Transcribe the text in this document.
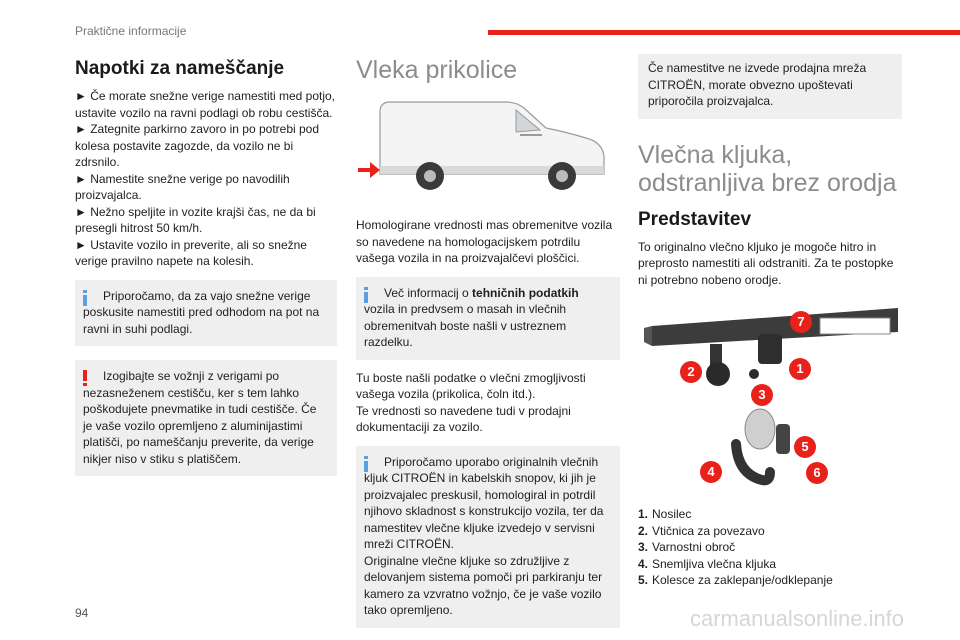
Praktične informacije
Napotki za nameščanje

► Če morate snežne verige namestiti med potjo, ustavite vozilo na ravni podlagi ob robu cestišča.

► Zategnite parkirno zavoro in po potrebi pod kolesa postavite zagozde, da vozilo ne bi zdrsnilo.

► Namestite snežne verige po navodilih proizvajalca.

► Nežno speljite in vozite krajši čas, ne da bi presegli hitrost 50 km/h.

► Ustavite vozilo in preverite, ali so snežne verige pravilno napete na kolesih.

Priporočamo, da za vajo snežne verige poskusite namestiti pred odhodom na pot na ravni in suhi podlagi.
Izogibajte se vožnji z verigami po nezasneženem cestišču, ker s tem lahko poškodujete pnevmatike in tudi cestišče. Če je vaše vozilo opremljeno z aluminijastimi platišči, po nameščanju preverite, da verige nikjer niso v stiku s platiščem.
Vleka prikolice

Homologirane vrednosti mas obremenitve vozila so navedene na homologacijskem potrdilu vašega vozila in na proizvajalčevi ploščici.

Več informacij o tehničnih podatkih vozila in predvsem o masah in vlečnih obremenitvah boste našli v ustreznem razdelku.

Tu boste našli podatke o vlečni zmogljivosti vašega vozila (prikolica, čoln itd.).

Te vrednosti so navedene tudi v prodajni dokumentaciji za vozilo.

Priporočamo uporabo originalnih vlečnih kljuk CITROËN in kabelskih snopov, ki jih je proizvajalec preskusil, homologiral in potrdil njihovo skladnost s konstrukcijo vozila, ter da namestitev vlečne kljuke izvedejo v servisni mreži CITROËN.
Originalne vlečne kljuke so združljive z delovanjem sistema pomoči pri parkiranju ter kamero za vzvratno vožnjo, če je vaše vozilo tako opremljeno.
Če namestitve ne izvede prodajna mreža CITROËN, morate obvezno upoštevati priporočila proizvajalca.
Vlečna kljuka, odstranljiva brez orodja
Predstavitev

To originalno vlečno kljuko je mogoče hitro in preprosto namestiti ali odstraniti. Za te postopke ni potrebno nobeno orodje.

7
1
2
3
4
5
6
1. Nosilec
2. Vtičnica za povezavo
3. Varnostni obroč
4. Snemljiva vlečna kljuka
5. Kolesce za zaklepanje/odklepanje
94	carmanualsonline.info
